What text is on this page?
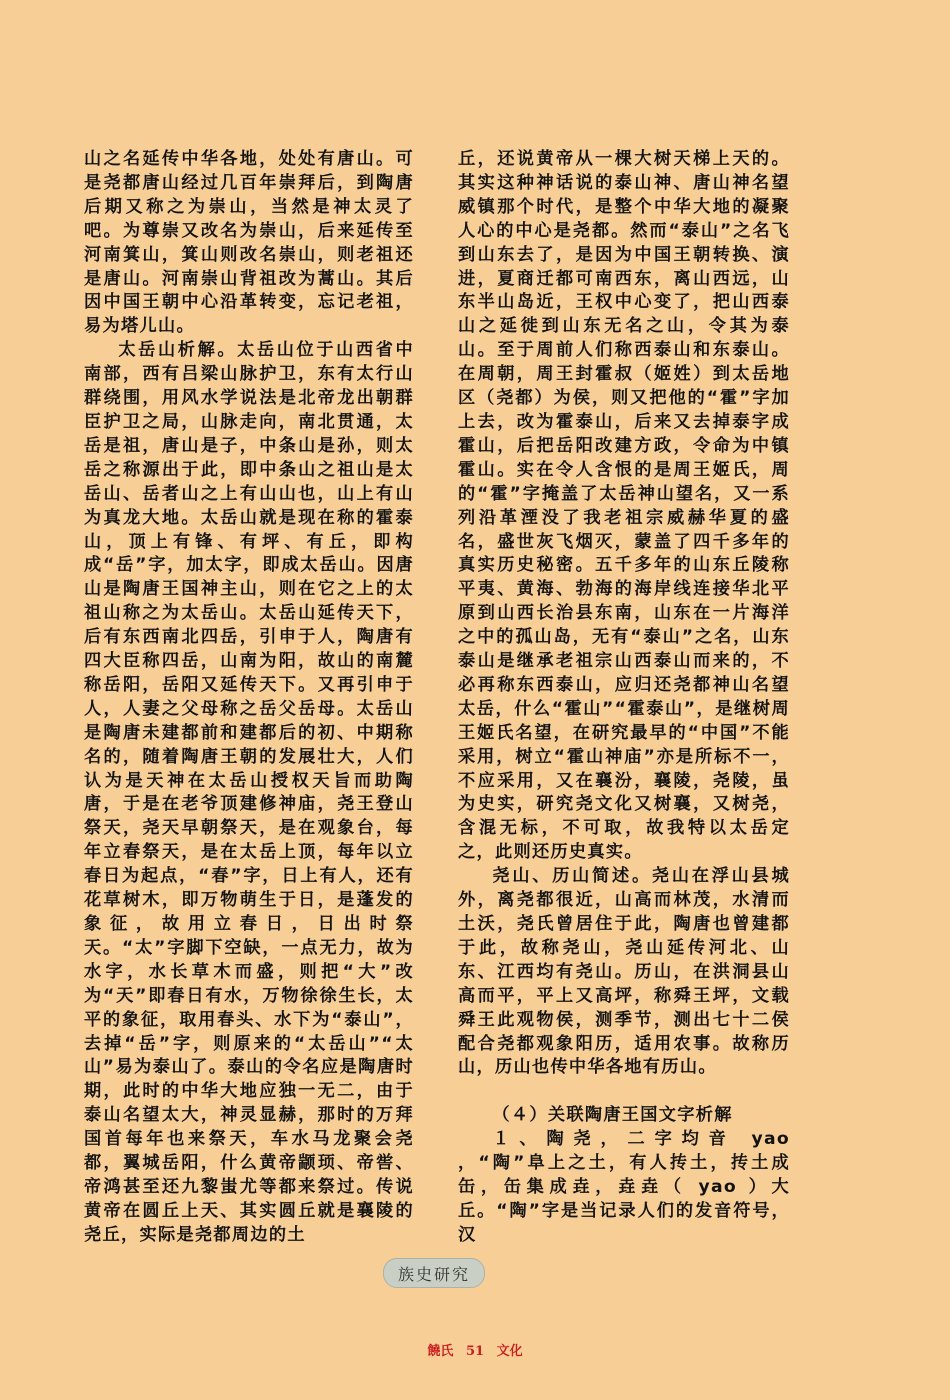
山之名延传中华各地，处处有唐山。可是尧都唐山经过几百年崇拜后，到陶唐后期又称之为崇山，当然是神太灵了吧。为尊崇又改名为崇山，后来延传至河南箕山，箕山则改名崇山，则老祖还是唐山。河南崇山背祖改为蒿山。其后因中国王朝中心沿革转变，忘记老祖，易为塔儿山。

太岳山析解。太岳山位于山西省中南部，西有吕梁山脉护卫，东有太行山群绕围，用风水学说法是北帝龙出朝群臣护卫之局，山脉走向，南北贯通，太岳是祖，唐山是子，中条山是孙，则太岳之称源出于此，即中条山之祖山是太岳山、岳者山之上有山山也，山上有山为真龙大地。太岳山就是现在称的霍泰山，顶上有锋、有坪、有丘，即构成“岳”字，加太字，即成太岳山。因唐山是陶唐王国神主山，则在它之上的太祖山称之为太岳山。太岳山延传天下，后有东西南北四岳，引申于人，陶唐有四大臣称四岳，山南为阳，故山的南麓称岳阳，岳阳又延传天下。又再引申于人，人妻之父母称之岳父岳母。太岳山是陶唐未建都前和建都后的初、中期称名的，随着陶唐王朝的发展壮大，人们认为是天神在太岳山授权天旨而助陶唐，于是在老爷顶建修神庙，尧王登山祭天，尧天早朝祭天，是在观象台，每年立春祭天，是在太岳上顶，每年以立春日为起点，“春”字，日上有人，还有花草树木，即万物萌生于日，是蓬发的象征，故用立春日，日出时祭天。“太”字脚下空缺，一点无力，故为水字，水长草木而盛，则把“大”改为“天”即春日有水，万物徐徐生长，太平的象征，取用春头、水下为“泰山”，去掉“岳”字，则原来的“太岳山”“太山”易为泰山了。泰山的令名应是陶唐时期，此时的中华大地应独一无二，由于泰山名望太大，神灵显赫，那时的万拜国首每年也来祭天，车水马龙聚会尧都，翼城岳阳，什么黄帝颛顼、帝喾、帝鸿甚至还九黎蚩尤等都来祭过。传说黄帝在圆丘上天、其实圆丘就是襄陵的尧丘，实际是尧都周边的土

丘，还说黄帝从一棵大树天梯上天的。其实这种神话说的泰山神、唐山神名望威镇那个时代，是整个中华大地的凝聚人心的中心是尧都。然而“泰山”之名飞到山东去了，是因为中国王朝转换、演进，夏商迁都可南西东，离山西远，山东半山岛近，王权中心变了，把山西泰山之延徙到山东无名之山，令其为泰山。至于周前人们称西泰山和东泰山。在周朝，周王封霍叔（姬姓）到太岳地区（尧都）为侯，则又把他的“霍”字加上去，改为霍泰山，后来又去掉泰字成霍山，后把岳阳改建方政，令命为中镇霍山。实在令人含恨的是周王姬氏，周的“霍”字掩盖了太岳神山望名，又一系列沿革湮没了我老祖宗威赫华夏的盛名，盛世灰飞烟灭，蒙盖了四千多年的真实历史秘密。五千多年的山东丘陵称平夷、黄海、勃海的海岸线连接华北平原到山西长治县东南，山东在一片海洋之中的孤山岛，无有“泰山”之名，山东泰山是继承老祖宗山西泰山而来的，不必再称东西泰山，应归还尧都神山名望太岳，什么“霍山”“霍泰山”，是继树周王姬氏名望，在研究最早的“中国”不能采用，树立“霍山神庙”亦是所标不一，不应采用，又在襄汾，襄陵，尧陵，虽为史实，研究尧文化又树襄，又树尧，含混无标，不可取，故我特以太岳定之，此则还历史真实。

尧山、历山简述。尧山在浮山县城外，离尧都很近，山高而林茂，水清而土沃，尧氏曾居住于此，陶唐也曾建都于此，故称尧山，尧山延传河北、山东、江西均有尧山。历山，在洪洞县山高而平，平上又高坪，称舜王坪，文载舜王此观物侯，测季节，测出七十二侯配合尧都观象阳历，适用农事。故称历山，历山也传中华各地有历山。

（４）关联陶唐王国文字析解

１、陶尧，二字均音 yao ，“陶”阜上之土，有人抟土，抟土成缶，缶集成垚，垚垚（ yao ）大丘。“陶”字是当记录人们的发音符号，汉

族史研究
饒氏 51 文化
